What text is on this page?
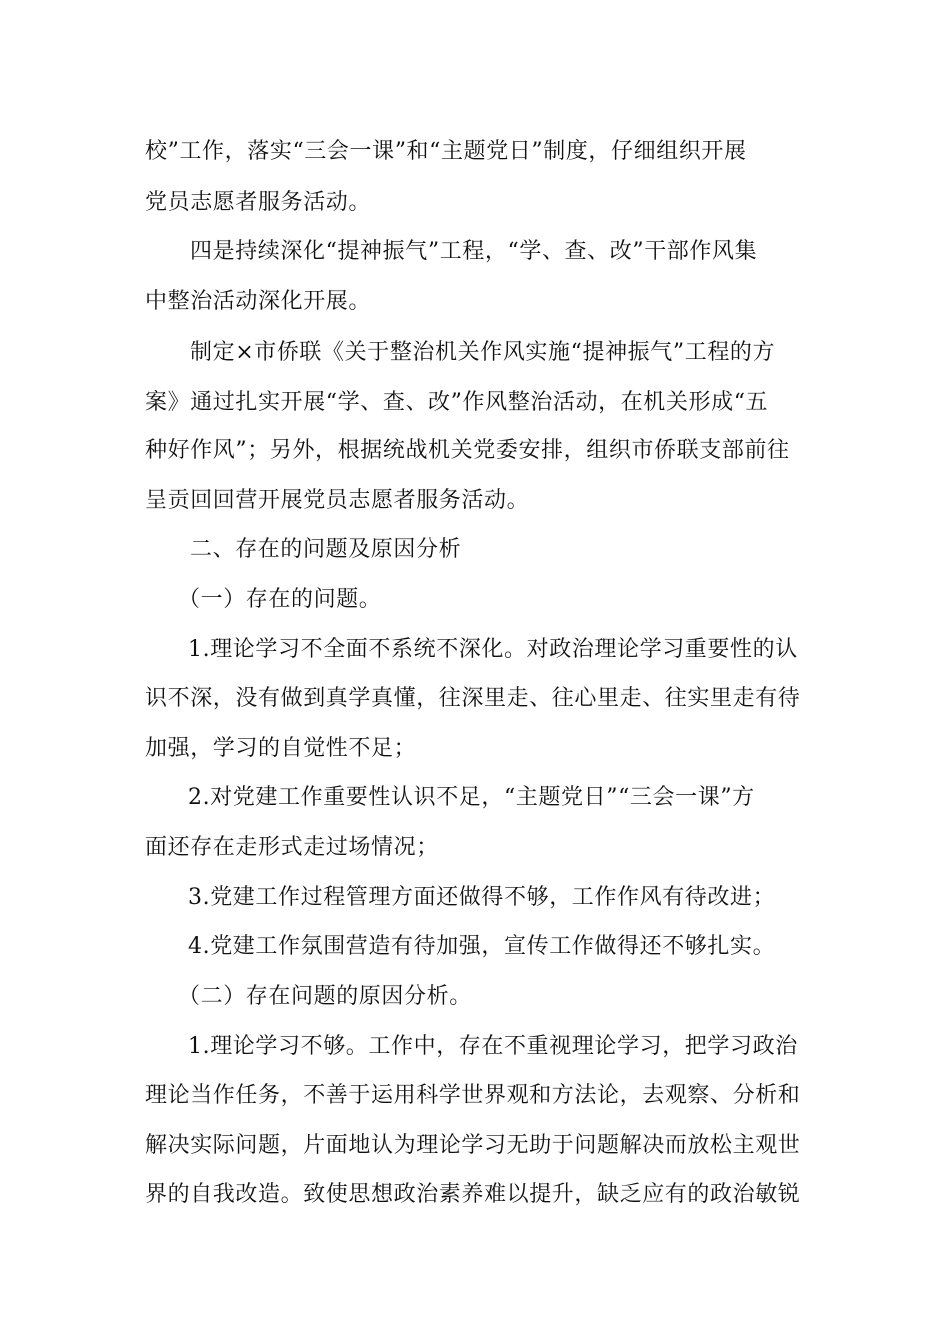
校”工作，落实“三会一课”和“主题党日”制度，仔细组织开展
党员志愿者服务活动。
四是持续深化“提神振气”工程，“学、查、改”干部作风集
中整治活动深化开展。
制定×市侨联《关于整治机关作风实施“提神振气”工程的方
案》通过扎实开展“学、查、改”作风整治活动，在机关形成“五
种好作风”；另外，根据统战机关党委安排，组织市侨联支部前往
呈贡回回营开展党员志愿者服务活动。
二、存在的问题及原因分析
（一）存在的问题。
1.理论学习不全面不系统不深化。对政治理论学习重要性的认
识不深，没有做到真学真懂，往深里走、往心里走、往实里走有待
加强，学习的自觉性不足；
2.对党建工作重要性认识不足，“主题党日”“三会一课”方
面还存在走形式走过场情况；
3.党建工作过程管理方面还做得不够，工作作风有待改进；
4.党建工作氛围营造有待加强，宣传工作做得还不够扎实。
（二）存在问题的原因分析。
1.理论学习不够。工作中，存在不重视理论学习，把学习政治
理论当作任务，不善于运用科学世界观和方法论，去观察、分析和
解决实际问题，片面地认为理论学习无助于问题解决而放松主观世
界的自我改造。致使思想政治素养难以提升，缺乏应有的政治敏锐
